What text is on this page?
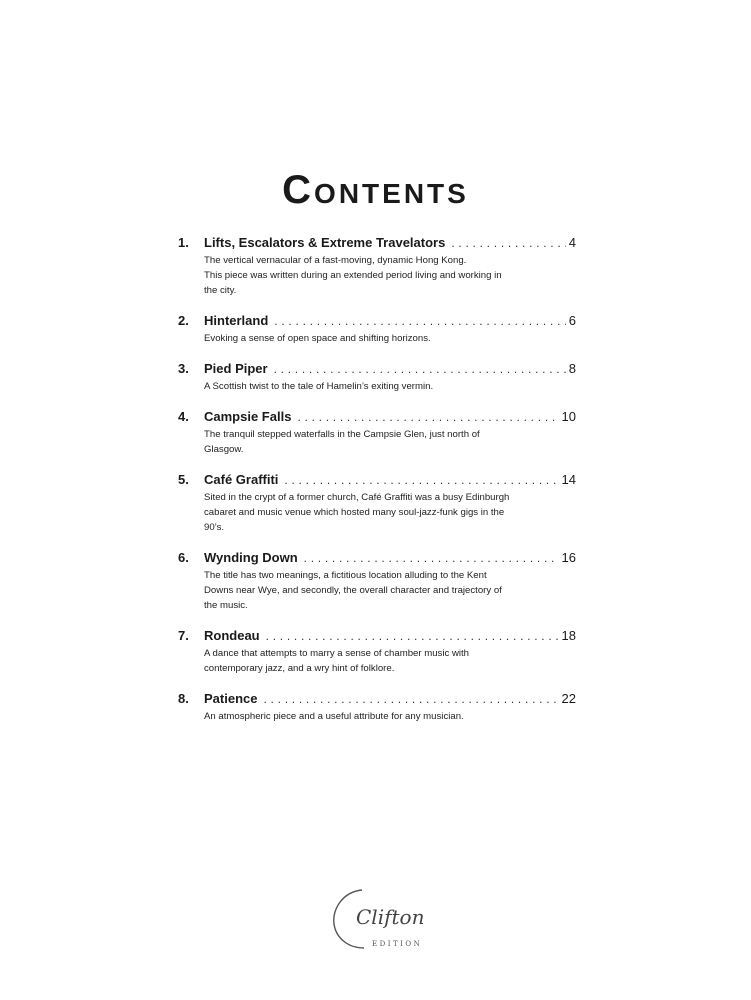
Contents
1.	Lifts, Escalators & Extreme Travelators . . .	4
The vertical vernacular of a fast-moving, dynamic Hong Kong.
This piece was written during an extended period living and working in
the city.
2.	Hinterland . . .	6
Evoking a sense of open space and shifting horizons.
3.	Pied Piper . . .	8
A Scottish twist to the tale of Hamelin’s exiting vermin.
4.	Campsie Falls . . .	10
The tranquil stepped waterfalls in the Campsie Glen, just north of
Glasgow.
5.	Café Graffiti . . .	14
Sited in the crypt of a former church, Café Graffiti was a busy Edinburgh
cabaret and music venue which hosted many soul-jazz-funk gigs in the
90’s.
6.	Wynding Down . . .	16
The title has two meanings, a fictitious location alluding to the Kent
Downs near Wye, and secondly, the overall character and trajectory of
the music.
7.	Rondeau . . .	18
A dance that attempts to marry a sense of chamber music with
contemporary jazz, and a wry hint of folklore.
8.	Patience . . .	22
An atmospheric piece and a useful attribute for any musician.
Clifton
EDITION
